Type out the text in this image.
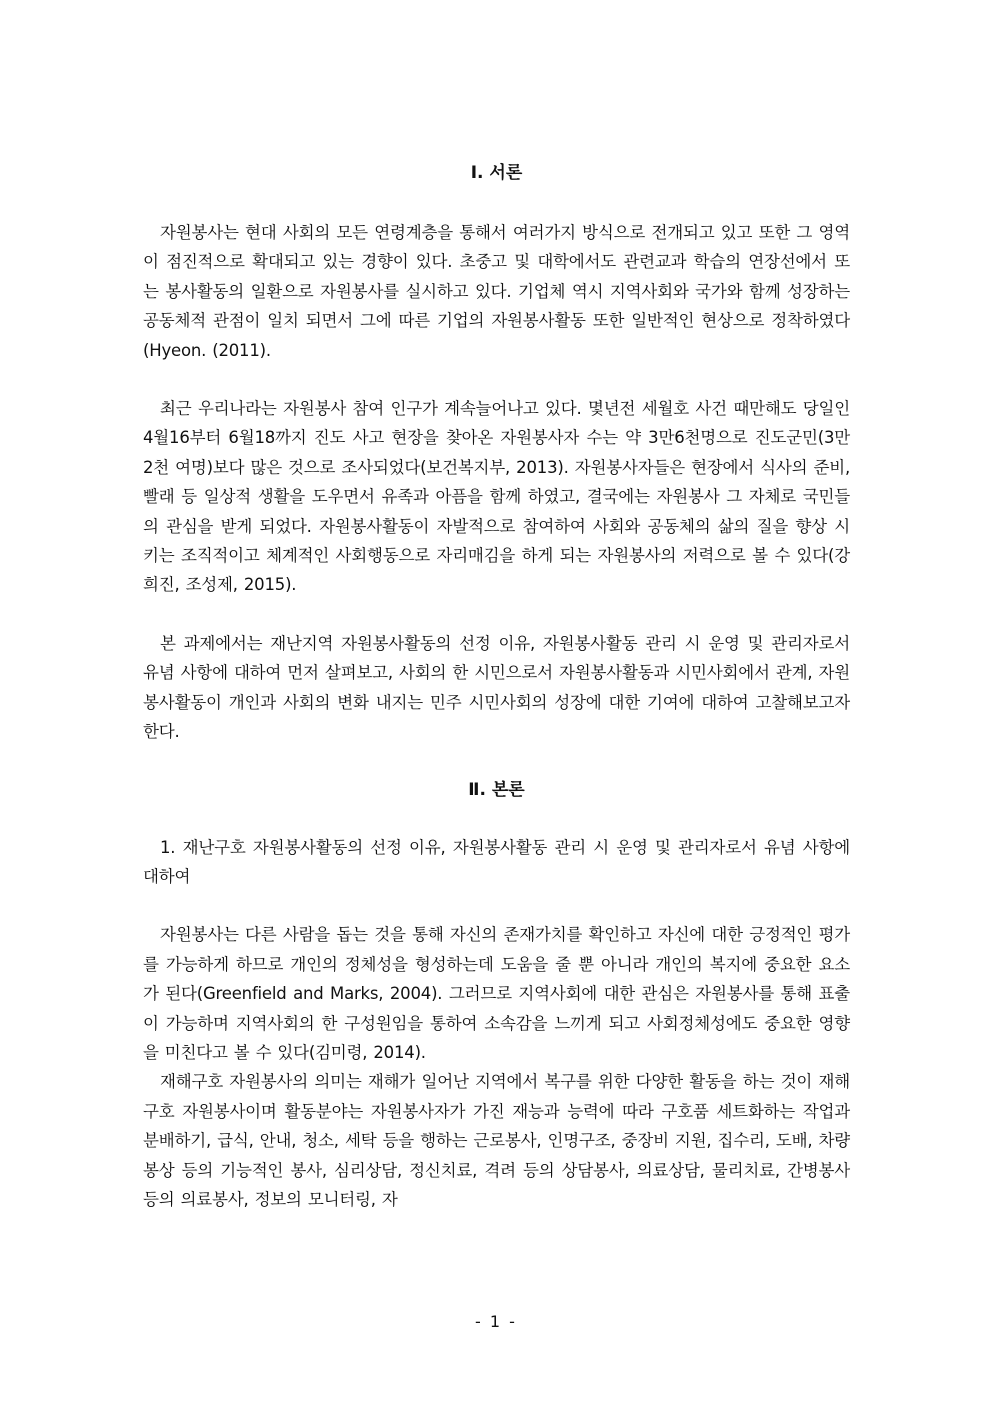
Ⅰ. 서론

자원봉사는 현대 사회의 모든 연령계층을 통해서 여러가지 방식으로 전개되고 있고 또한 그 영역이 점진적으로 확대되고 있는 경향이 있다. 초중고 및 대학에서도 관련교과 학습의 연장선에서 또는 봉사활동의 일환으로 자원봉사를 실시하고 있다. 기업체 역시 지역사회와 국가와 함께 성장하는 공동체적 관점이 일치 되면서 그에 따른 기업의 자원봉사활동 또한 일반적인 현상으로 정착하였다(Hyeon. (2011).

최근 우리나라는 자원봉사 참여 인구가 계속늘어나고 있다. 몇년전 세월호 사건 때만해도 당일인 4월16부터 6월18까지 진도 사고 현장을 찾아온 자원봉사자 수는 약 3만6천명으로 진도군민(3만 2천 여명)보다 많은 것으로 조사되었다(보건복지부, 2013). 자원봉사자들은 현장에서 식사의 준비, 빨래 등 일상적 생활을 도우면서 유족과 아픔을 함께 하였고, 결국에는 자원봉사 그 자체로 국민들의 관심을 받게 되었다. 자원봉사활동이 자발적으로 참여하여 사회와 공동체의 삶의 질을 향상 시키는 조직적이고 체계적인 사회행동으로 자리매김을 하게 되는 자원봉사의 저력으로 볼 수 있다(강희진, 조성제, 2015).

본 과제에서는 재난지역 자원봉사활동의 선정 이유, 자원봉사활동 관리 시 운영 및 관리자로서 유념 사항에 대하여 먼저 살펴보고, 사회의 한 시민으로서 자원봉사활동과 시민사회에서 관계, 자원봉사활동이 개인과 사회의 변화 내지는 민주 시민사회의 성장에 대한 기여에 대하여 고찰해보고자 한다.

Ⅱ. 본론

1. 재난구호 자원봉사활동의 선정 이유, 자원봉사활동 관리 시 운영 및 관리자로서 유념 사항에 대하여

자원봉사는 다른 사람을 돕는 것을 통해 자신의 존재가치를 확인하고 자신에 대한 긍정적인 평가를 가능하게 하므로 개인의 정체성을 형성하는데 도움을 줄 뿐 아니라 개인의 복지에 중요한 요소가 된다(Greenfield and Marks, 2004). 그러므로 지역사회에 대한 관심은 자원봉사를 통해 표출이 가능하며 지역사회의 한 구성원임을 통하여 소속감을 느끼게 되고 사회정체성에도 중요한 영향을 미친다고 볼 수 있다(김미령, 2014).

재해구호 자원봉사의 의미는 재해가 일어난 지역에서 복구를 위한 다양한 활동을 하는 것이 재해구호 자원봉사이며 활동분야는 자원봉사자가 가진 재능과 능력에 따라 구호품 세트화하는 작업과 분배하기, 급식, 안내, 청소, 세탁 등을 행하는 근로봉사, 인명구조, 중장비 지원, 집수리, 도배, 차량 봉상 등의 기능적인 봉사, 심리상담, 정신치료, 격려 등의 상담봉사, 의료상담, 물리치료, 간병봉사 등의 의료봉사, 정보의 모니터링, 자

- 1 -
